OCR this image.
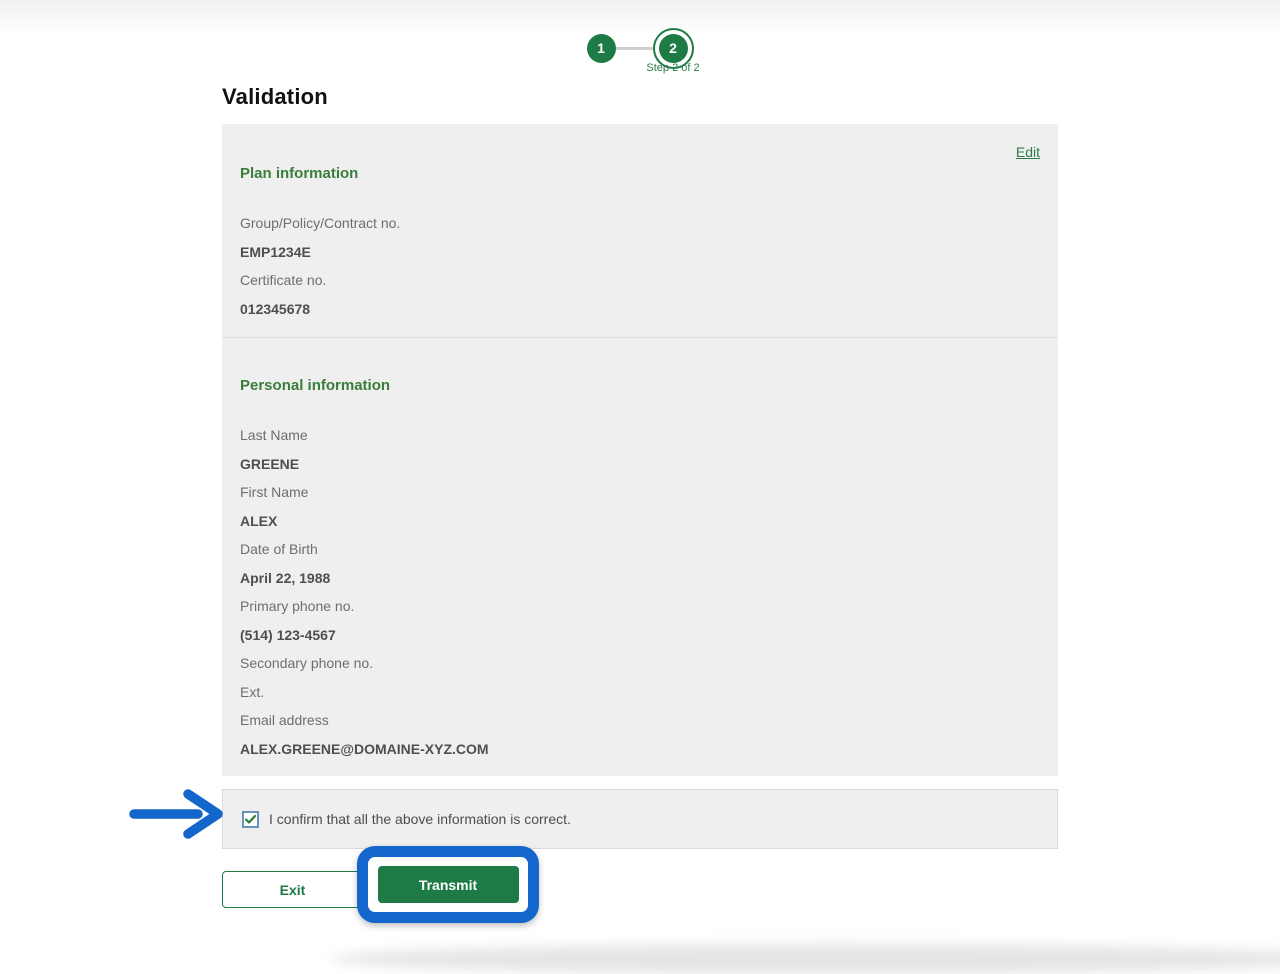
1	2
Step 2 of 2
Validation
Edit
Plan information
Group/Policy/Contract no.
EMP1234E
Certificate no.
012345678
Personal information
Last Name
GREENE
First Name
ALEX
Date of Birth
April 22, 1988
Primary phone no.
(514) 123-4567
Secondary phone no.
Ext.
Email address
ALEX.GREENE@DOMAINE-XYZ.COM
I confirm that all the above information is correct.
Exit	Transmit
